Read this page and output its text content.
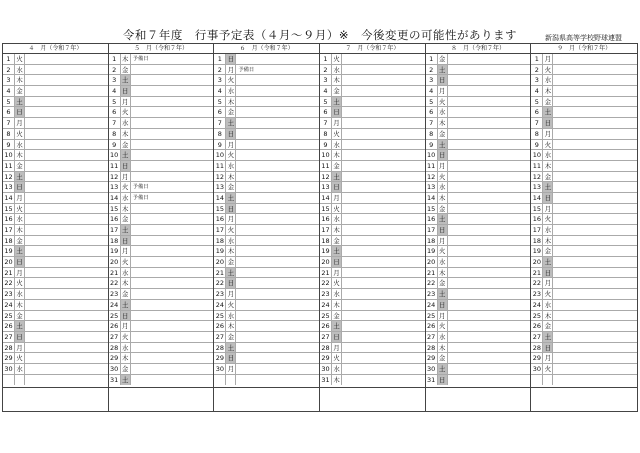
令和７年度　行事予定表（４月～９月）※　今後変更の可能性があります	新潟県高等学校野球連盟
４　月（令和７年）
1 火
2 水
3 木
4 金
5 土
6 日
7 月
8 火
9 水
10 木
11 金
12 土
13 日
14 月
15 火
16 水
17 木
18 金
19 土
20 日
21 月
22 火
23 水
24 木
25 金
26 土
27 日
28 月
29 火
30 水
５　月（令和７年）
1 木 予備日
2 金
3 土
4 日
5 月
6 火
7 水
8 木
9 金
10 土
11 日
12 月
13 火 予備日
14 水 予備日
15 木
16 金
17 土
18 日
19 月
20 火
21 水
22 木
23 金
24 土
25 日
26 月
27 火
28 水
29 木
30 金
31 土
６　月（令和７年）
1 日
2 月 予備日
3 火
4 水
5 木
6 金
7 土
8 日
9 月
10 火
11 水
12 木
13 金
14 土
15 日
16 月
17 火
18 水
19 木
20 金
21 土
22 日
23 月
24 火
25 水
26 木
27 金
28 土
29 日
30 月
７　月（令和７年）
1 火
2 水
3 木
4 金
5 土
6 日
7 月
8 火
9 水
10 木
11 金
12 土
13 日
14 月
15 火
16 水
17 木
18 金
19 土
20 日
21 月
22 火
23 水
24 木
25 金
26 土
27 日
28 月
29 火
30 水
31 木
８　月（令和７年）
1 金
2 土
3 日
4 月
5 火
6 水
7 木
8 金
9 土
10 日
11 月
12 火
13 水
14 木
15 金
16 土
17 日
18 月
19 火
20 水
21 木
22 金
23 土
24 日
25 月
26 火
27 水
28 木
29 金
30 土
31 日
９　月（令和７年）
1 月
2 火
3 水
4 木
5 金
6 土
7 日
8 月
9 火
10 水
11 木
12 金
13 土
14 日
15 月
16 火
17 水
18 木
19 金
20 土
21 日
22 月
23 火
24 水
25 木
26 金
27 土
28 日
29 月
30 火
